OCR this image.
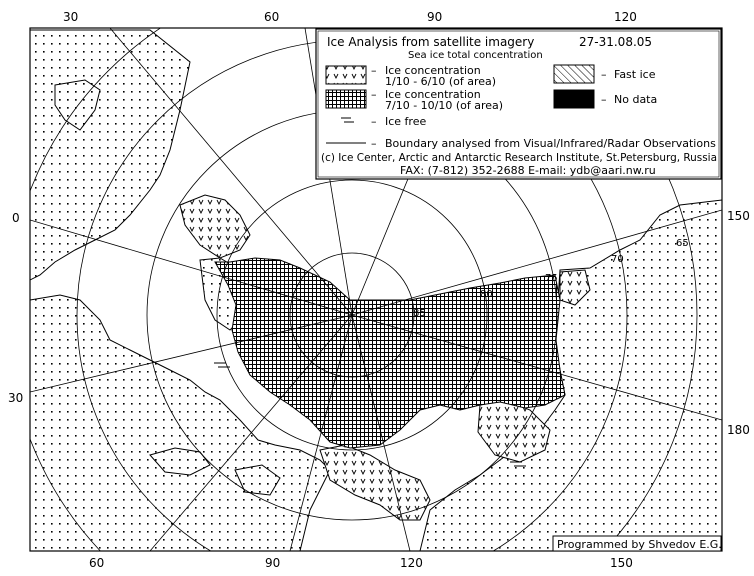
65
70
75
80
85
30	60	90	120
60	90	120	150
0
30
150
180
Ice Analysis from satellite imagery	27-31.08.05
Sea ice total concentration
– Ice concentration
1/10 - 6/10 (of area)
– Ice concentration
7/10 - 10/10 (of area)
– Fast ice
– No data
– Ice free
– Boundary analysed from Visual/Infrared/Radar Observations
(c) Ice Center, Arctic and Antarctic Research Institute, St.Petersburg, Russia
FAX: (7-812) 352-2688 E-mail: ydb@aari.nw.ru
Programmed by Shvedov E.G.
